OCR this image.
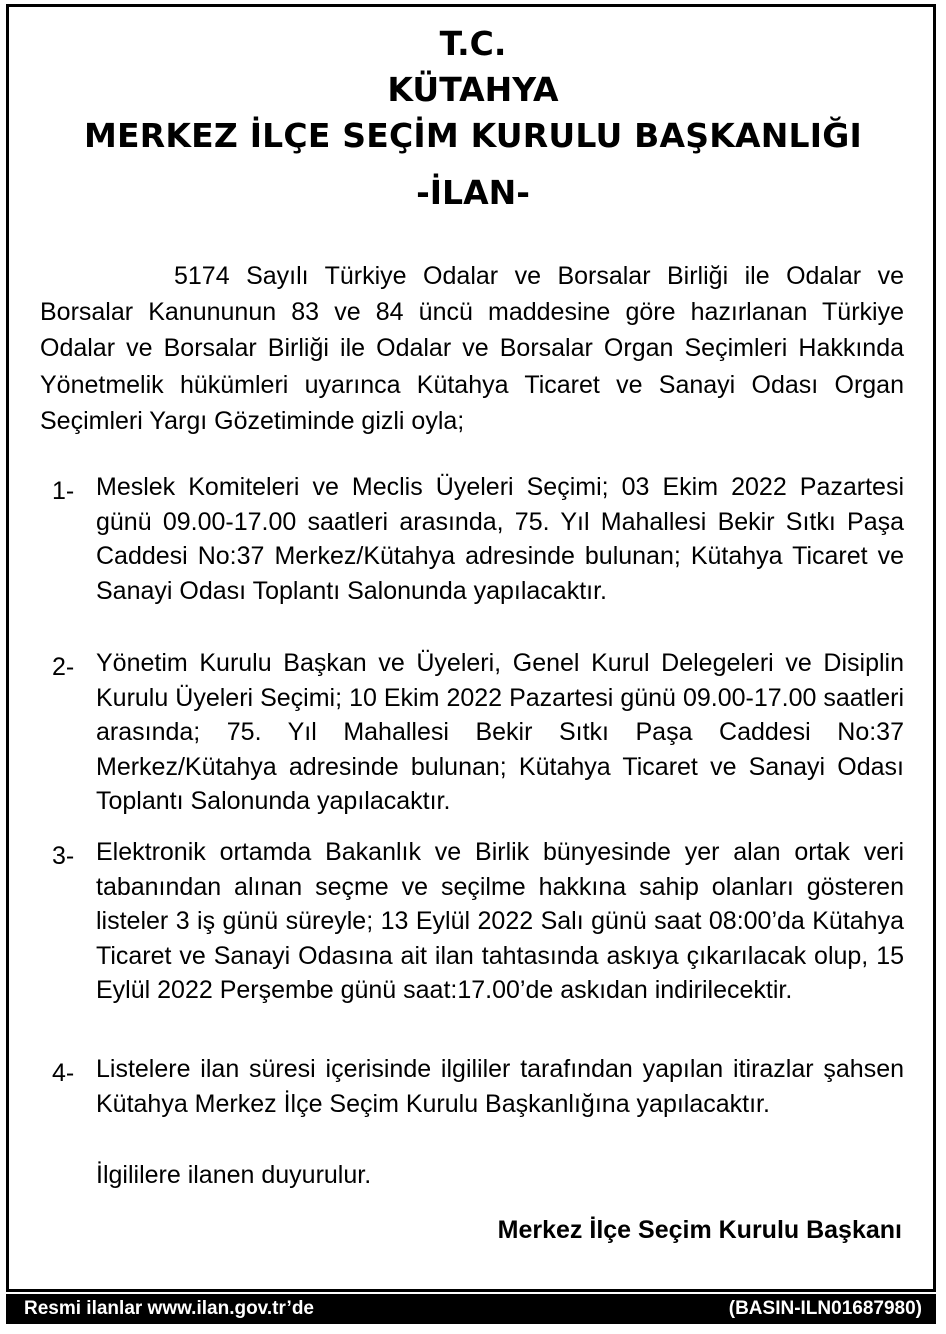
T.C.
KÜTAHYA
MERKEZ İLÇE SEÇİM KURULU BAŞKANLIĞI
-İLAN-
5174 Sayılı Türkiye Odalar ve Borsalar Birliği ile Odalar ve Borsalar Kanununun 83 ve 84 üncü maddesine göre hazırlanan Türkiye Odalar ve Borsalar Birliği ile Odalar ve Borsalar Organ Seçimleri Hakkında Yönetmelik hükümleri uyarınca Kütahya Ticaret ve Sanayi Odası Organ Seçimleri Yargı Gözetiminde gizli oyla;
1- Meslek Komiteleri ve Meclis Üyeleri Seçimi; 03 Ekim 2022 Pazartesi günü 09.00-17.00 saatleri arasında, 75. Yıl Mahallesi Bekir Sıtkı Paşa Caddesi No:37 Merkez/Kütahya adresinde bulunan; Kütahya Ticaret ve Sanayi Odası Toplantı Salonunda yapılacaktır.
2- Yönetim Kurulu Başkan ve Üyeleri, Genel Kurul Delegeleri ve Disiplin Kurulu Üyeleri Seçimi; 10 Ekim 2022 Pazartesi günü 09.00-17.00 saatleri arasında; 75. Yıl Mahallesi Bekir Sıtkı Paşa Caddesi No:37 Merkez/Kütahya adresinde bulunan; Kütahya Ticaret ve Sanayi Odası Toplantı Salonunda yapılacaktır.
3- Elektronik ortamda Bakanlık ve Birlik bünyesinde yer alan ortak veri tabanından alınan seçme ve seçilme hakkına sahip olanları gösteren listeler 3 iş günü süreyle; 13 Eylül 2022 Salı günü saat 08:00’da Kütahya Ticaret ve Sanayi Odasına ait ilan tahtasında askıya çıkarılacak olup, 15 Eylül 2022 Perşembe günü saat:17.00’de askıdan indirilecektir.
4- Listelere ilan süresi içerisinde ilgililer tarafından yapılan itirazlar şahsen Kütahya Merkez İlçe Seçim Kurulu Başkanlığına yapılacaktır.
İlgililere ilanen duyurulur.
Merkez İlçe Seçim Kurulu Başkanı
Resmi ilanlar www.ilan.gov.tr’de	(BASIN-ILN01687980)
